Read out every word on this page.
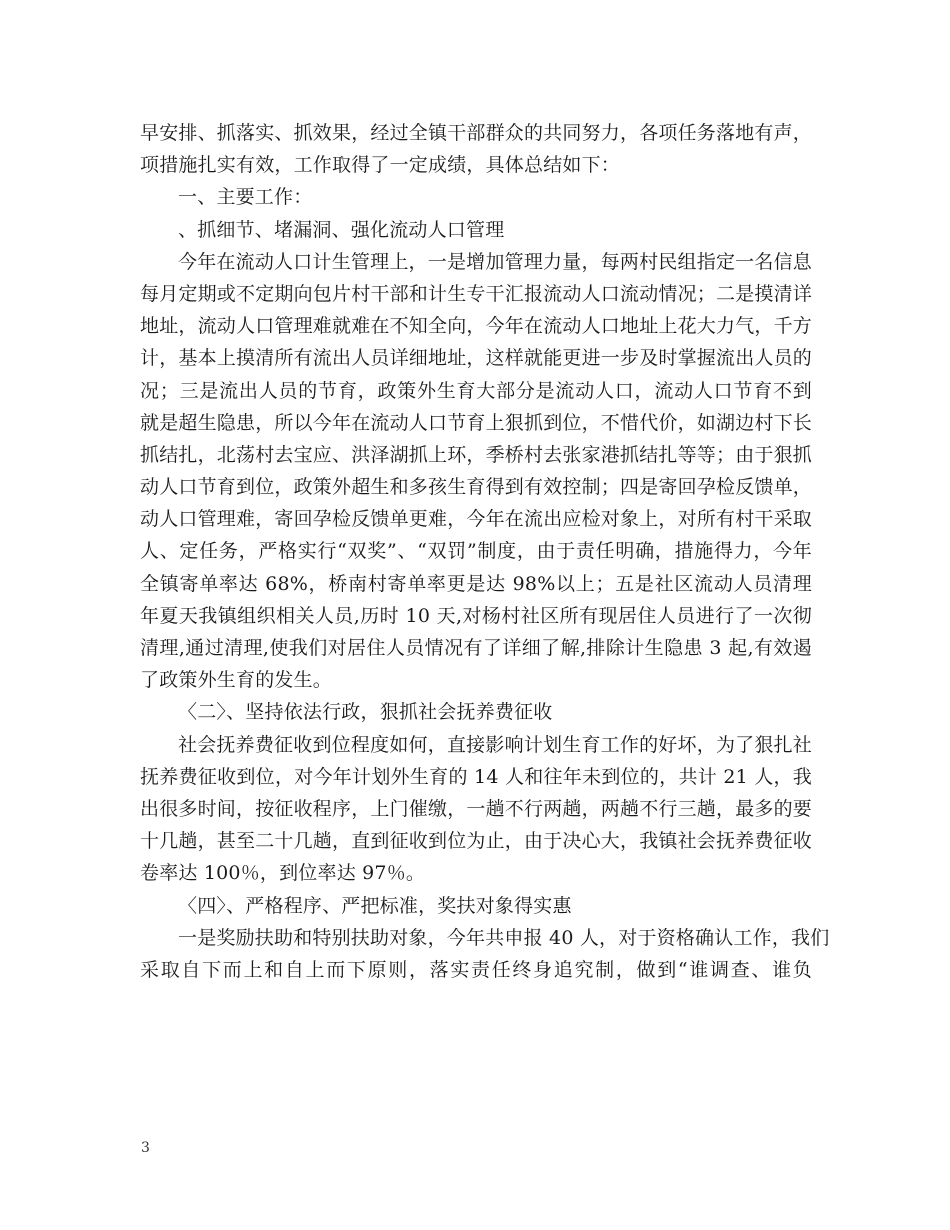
早安排、抓落实、抓效果，经过全镇干部群众的共同努力，各项任务落地有声，
项措施扎实有效，工作取得了一定成绩，具体总结如下：
一、主要工作：
、抓细节、堵漏洞、强化流动人口管理
今年在流动人口计生管理上，一是增加管理力量，每两村民组指定一名信息
每月定期或不定期向包片村干部和计生专干汇报流动人口流动情况；二是摸清详
地址，流动人口管理难就难在不知全向，今年在流动人口地址上花大力气，千方
计，基本上摸清所有流出人员详细地址，这样就能更进一步及时掌握流出人员的
况；三是流出人员的节育，政策外生育大部分是流动人口，流动人口节育不到
就是超生隐患，所以今年在流动人口节育上狠抓到位，不惜代价，如湖边村下长
抓结扎，北荡村去宝应、洪泽湖抓上环，季桥村去张家港抓结扎等等；由于狠抓
动人口节育到位，政策外超生和多孩生育得到有效控制；四是寄回孕检反馈单，
动人口管理难，寄回孕检反馈单更难，今年在流出应检对象上，对所有村干采取
人、定任务，严格实行“双奖”、“双罚”制度，由于责任明确，措施得力，今年
全镇寄单率达 68%，桥南村寄单率更是达 98%以上；五是社区流动人员清理
年夏天我镇组织相关人员,历时 10 天,对杨村社区所有现居住人员进行了一次彻
清理,通过清理,使我们对居住人员情况有了详细了解,排除计生隐患 3 起,有效遏
了政策外生育的发生。
〈二〉、坚持依法行政，狠抓社会抚养费征收
社会抚养费征收到位程度如何，直接影响计划生育工作的好坏，为了狠扎社
抚养费征收到位，对今年计划外生育的 14 人和往年未到位的，共计 21 人，我
出很多时间，按征收程序，上门催缴，一趟不行两趟，两趟不行三趟，最多的要
十几趟，甚至二十几趟，直到征收到位为止，由于决心大，我镇社会抚养费征收
卷率达 100％，到位率达 97％。
〈四〉、严格程序、严把标准，奖扶对象得实惠
一是奖励扶助和特别扶助对象，今年共申报 40 人，对于资格确认工作，我们
采取自下而上和自上而下原则，落实责任终身追究制，做到“谁调查、谁负
3
